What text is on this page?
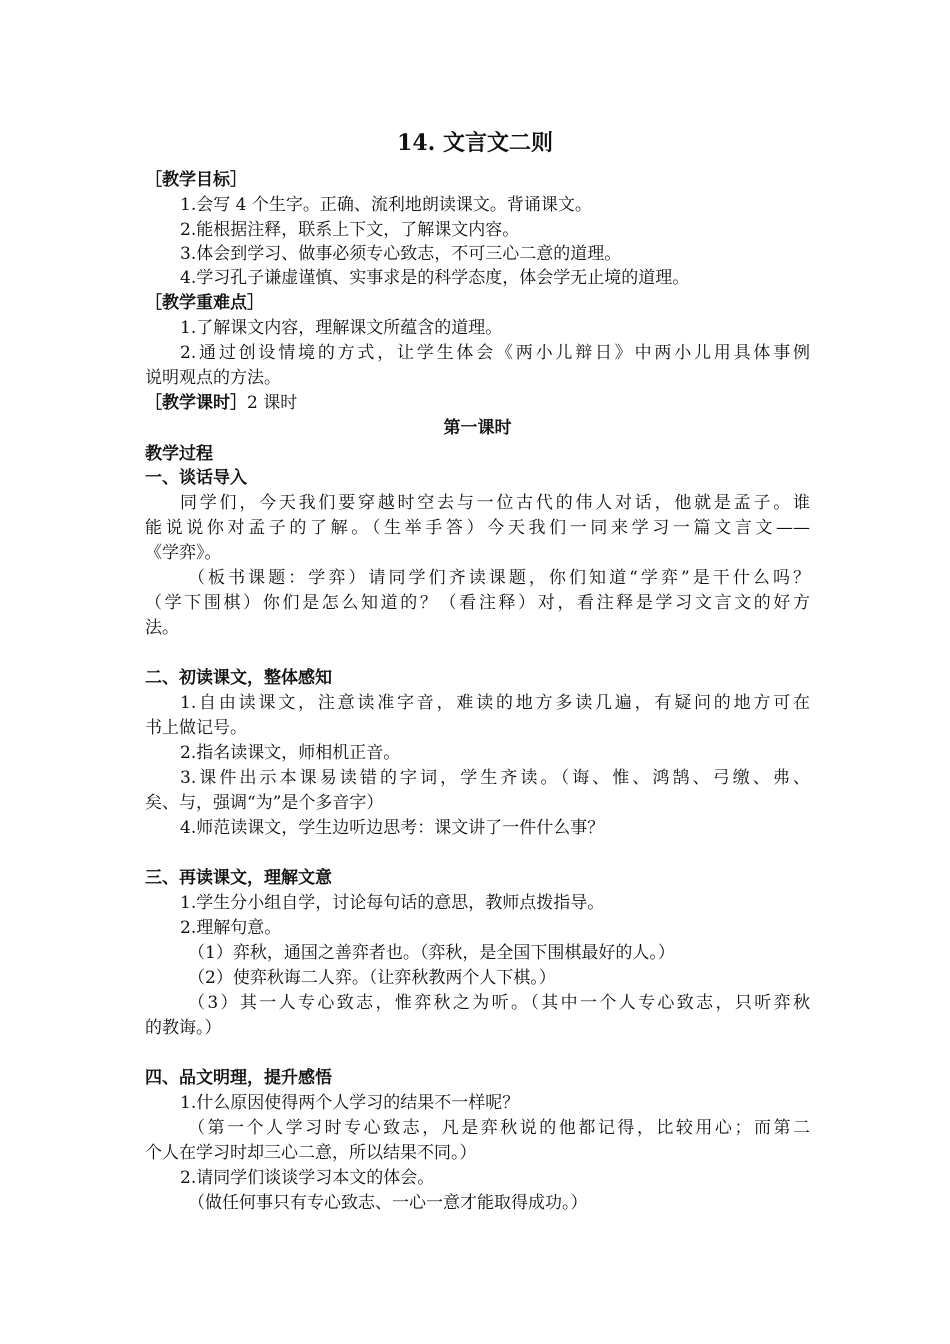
14. 文言文二则
［教学目标］
1.会写 4 个生字。正确、流利地朗读课文。背诵课文。
2.能根据注释，联系上下文，了解课文内容。
3.体会到学习、做事必须专心致志，不可三心二意的道理。
4.学习孔子谦虚谨慎、实事求是的科学态度，体会学无止境的道理。
［教学重难点］
1.了解课文内容，理解课文所蕴含的道理。
2.通过创设情境的方式，让学生体会《两小儿辩日》中两小儿用具体事例
说明观点的方法。
［教学课时］2 课时
第一课时
教学过程
一、谈话导入
同学们，今天我们要穿越时空去与一位古代的伟人对话，他就是孟子。谁
能说说你对孟子的了解。（生举手答）今天我们一同来学习一篇文言文——
《学弈》。
（板书课题：学弈）请同学们齐读课题，你们知道“学弈”是干什么吗？
（学下围棋）你们是怎么知道的？（看注释）对，看注释是学习文言文的好方
法。
二、初读课文，整体感知
1.自由读课文，注意读准字音，难读的地方多读几遍，有疑问的地方可在
书上做记号。
2.指名读课文，师相机正音。
3.课件出示本课易读错的字词，学生齐读。（诲、惟、鸿鹄、弓缴、弗、
矣、与，强调“为”是个多音字）
4.师范读课文，学生边听边思考：课文讲了一件什么事？
三、再读课文，理解文意
1.学生分小组自学，讨论每句话的意思，教师点拨指导。
2.理解句意。
（1）弈秋，通国之善弈者也。（弈秋，是全国下围棋最好的人。）
（2）使弈秋诲二人弈。（让弈秋教两个人下棋。）
（3）其一人专心致志，惟弈秋之为听。（其中一个人专心致志，只听弈秋
的教诲。）
四、品文明理，提升感悟
1.什么原因使得两个人学习的结果不一样呢？
（第一个人学习时专心致志，凡是弈秋说的他都记得，比较用心；而第二
个人在学习时却三心二意，所以结果不同。）
2.请同学们谈谈学习本文的体会。
（做任何事只有专心致志、一心一意才能取得成功。）
